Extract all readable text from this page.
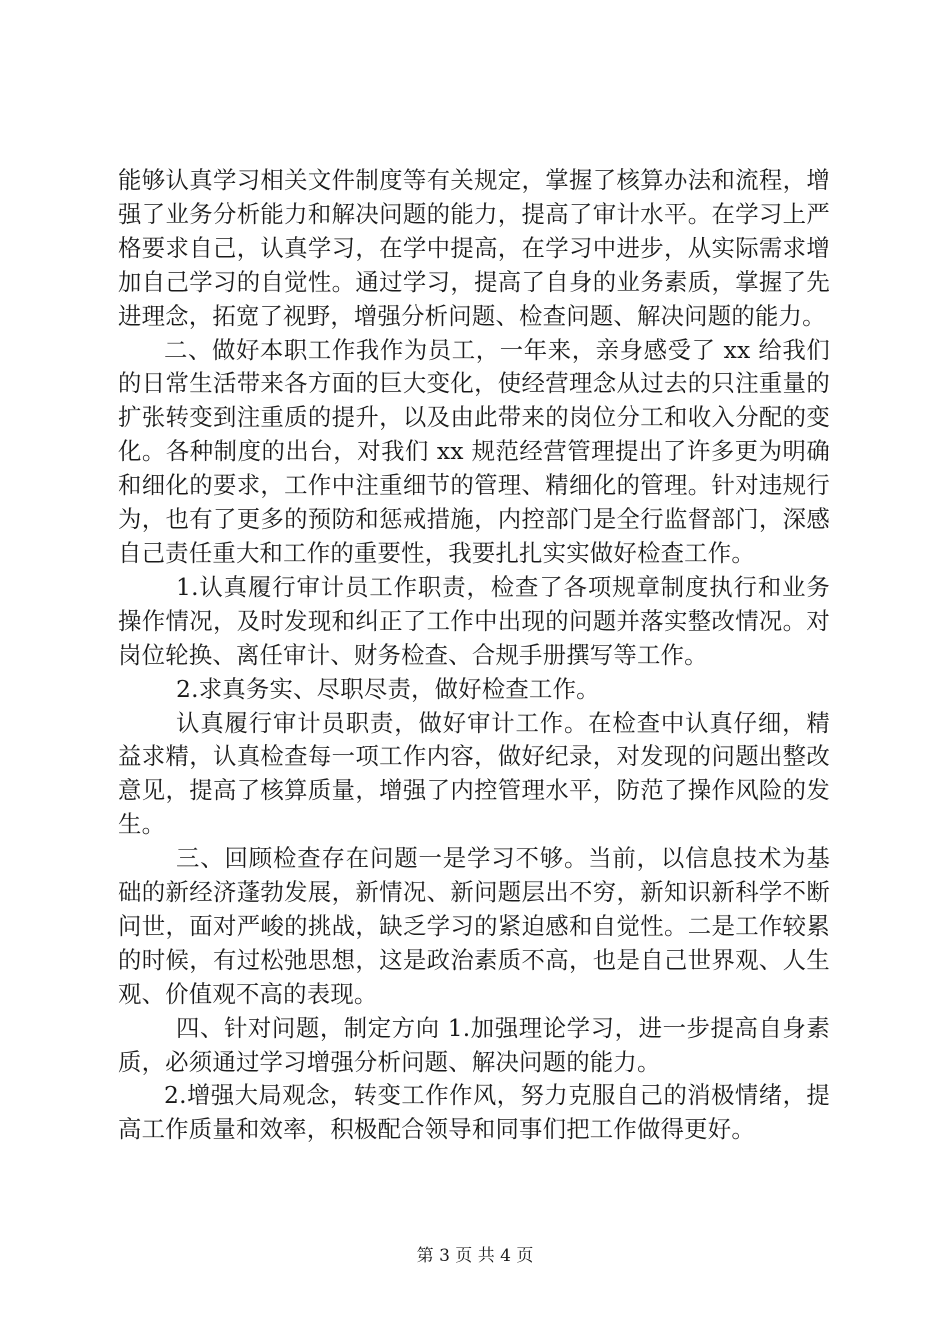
能够认真学习相关文件制度等有关规定，掌握了核算办法和流程，增强了业务分析能力和解决问题的能力，提高了审计水平。在学习上严格要求自己，认真学习，在学中提高，在学习中进步，从实际需求增加自己学习的自觉性。通过学习，提高了自身的业务素质，掌握了先进理念，拓宽了视野，增强分析问题、检查问题、解决问题的能力。

二、做好本职工作我作为员工，一年来，亲身感受了 xx 给我们的日常生活带来各方面的巨大变化，使经营理念从过去的只注重量的扩张转变到注重质的提升，以及由此带来的岗位分工和收入分配的变化。各种制度的出台，对我们 xx 规范经营管理提出了许多更为明确和细化的要求，工作中注重细节的管理、精细化的管理。针对违规行为，也有了更多的预防和惩戒措施，内控部门是全行监督部门，深感自己责任重大和工作的重要性，我要扎扎实实做好检查工作。

1.认真履行审计员工作职责，检查了各项规章制度执行和业务操作情况，及时发现和纠正了工作中出现的问题并落实整改情况。对岗位轮换、离任审计、财务检查、合规手册撰写等工作。

2.求真务实、尽职尽责，做好检查工作。

认真履行审计员职责，做好审计工作。在检查中认真仔细，精益求精，认真检查每一项工作内容，做好纪录，对发现的问题出整改意见，提高了核算质量，增强了内控管理水平，防范了操作风险的发生。

三、回顾检查存在问题一是学习不够。当前，以信息技术为基础的新经济蓬勃发展，新情况、新问题层出不穷，新知识新科学不断问世，面对严峻的挑战，缺乏学习的紧迫感和自觉性。二是工作较累的时候，有过松弛思想，这是政治素质不高，也是自己世界观、人生观、价值观不高的表现。

四、针对问题，制定方向 1.加强理论学习，进一步提高自身素质，必须通过学习增强分析问题、解决问题的能力。

2.增强大局观念，转变工作作风，努力克服自己的消极情绪，提高工作质量和效率，积极配合领导和同事们把工作做得更好。

第 3 页 共 4 页
